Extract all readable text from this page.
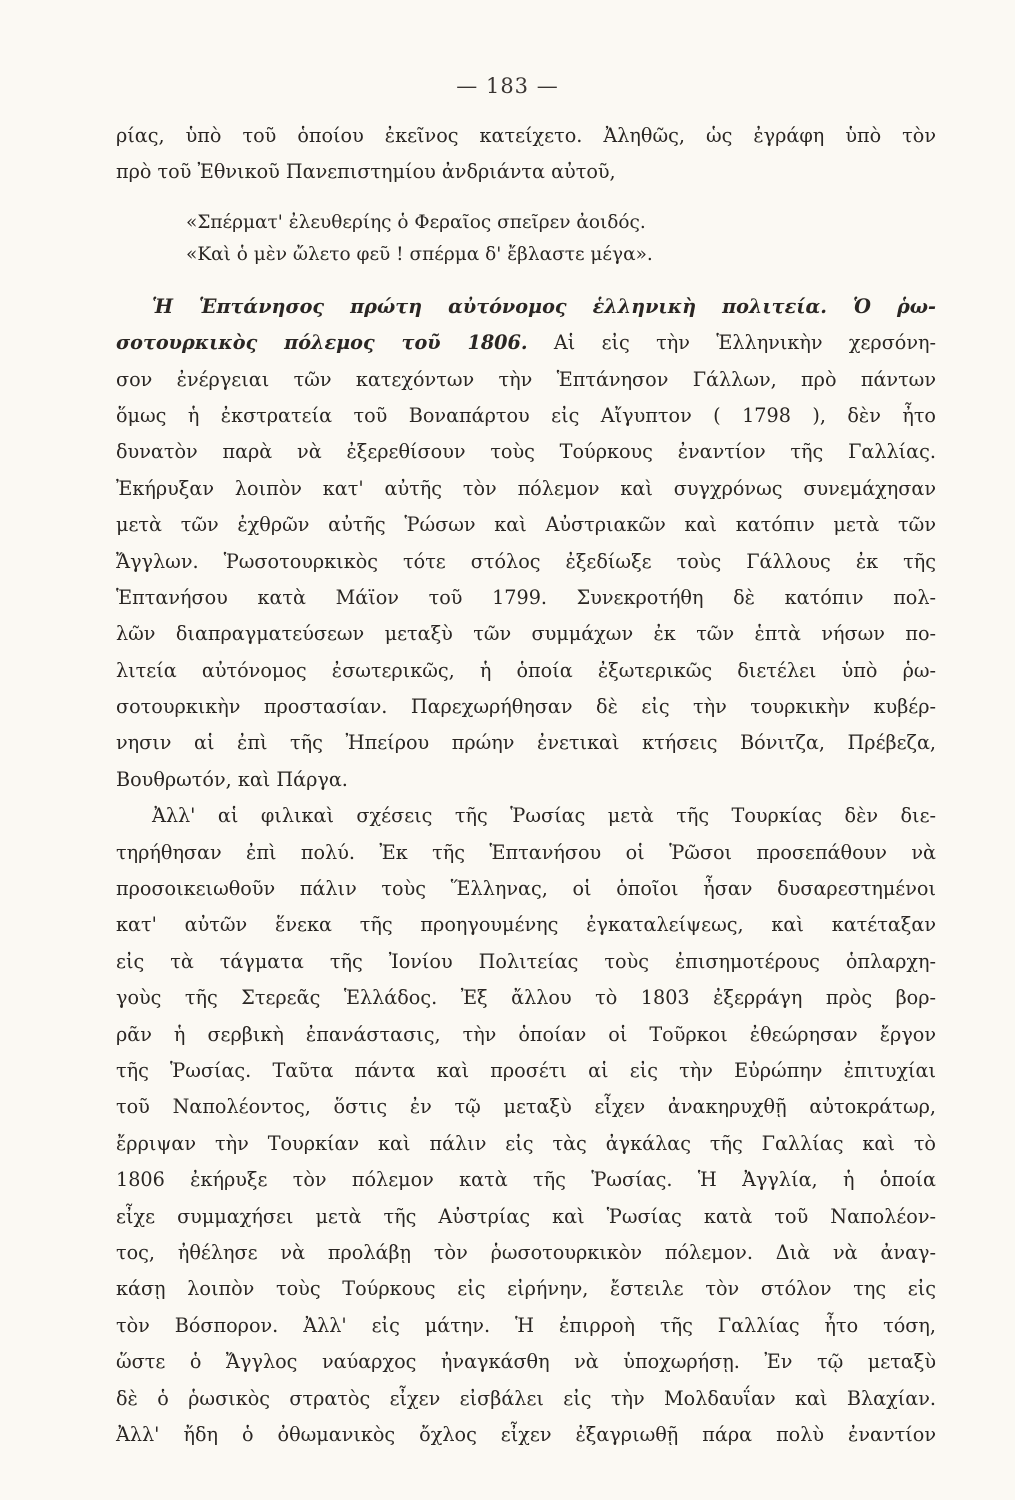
— 183 —
ρίας, ὑπὸ τοῦ ὁποίου ἐκεῖνος κατείχετο. Ἀληθῶς, ὡς ἐγράφη ὑπὸ τὸν
πρὸ τοῦ Ἐθνικοῦ Πανεπιστημίου ἀνδριάντα αὐτοῦ,
«Σπέρματ' ἐλευθερίης ὁ Φεραῖος σπεῖρεν ἀοιδός.
«Καὶ ὁ μὲν ὤλετο φεῦ ! σπέρμα δ' ἔβλαστε μέγα».
Ἡ Ἑπτάνησος πρώτη αὐτόνομος ἑλληνικὴ πολιτεία. Ὁ ῥω-
σοτουρκικὸς πόλεμος τοῦ 1806. Αἱ εἰς τὴν Ἑλληνικὴν χερσόνη-
σον ἐνέργειαι τῶν κατεχόντων τὴν Ἑπτάνησον Γάλλων, πρὸ πάντων
ὅμως ἡ ἐκστρατεία τοῦ Βοναπάρτου εἰς Αἴγυπτον ( 1798 ), δὲν ἦτο
δυνατὸν παρὰ νὰ ἐξερεθίσουν τοὺς Τούρκους ἐναντίον τῆς Γαλλίας.
Ἐκήρυξαν λοιπὸν κατ' αὐτῆς τὸν πόλεμον καὶ συγχρόνως συνεμάχησαν
μετὰ τῶν ἐχθρῶν αὐτῆς Ῥώσων καὶ Αὐστριακῶν καὶ κατόπιν μετὰ τῶν
Ἄγγλων. Ῥωσοτουρκικὸς τότε στόλος ἐξεδίωξε τοὺς Γάλλους ἐκ τῆς
Ἑπτανήσου κατὰ Μάϊον τοῦ 1799. Συνεκροτήθη δὲ κατόπιν πολ-
λῶν διαπραγματεύσεων μεταξὺ τῶν συμμάχων ἐκ τῶν ἑπτὰ νήσων πο-
λιτεία αὐτόνομος ἐσωτερικῶς, ἡ ὁποία ἐξωτερικῶς διετέλει ὑπὸ ῥω-
σοτουρκικὴν προστασίαν. Παρεχωρήθησαν δὲ εἰς τὴν τουρκικὴν κυβέρ-
νησιν αἱ ἐπὶ τῆς Ἠπείρου πρώην ἐνετικαὶ κτήσεις Βόνιτζα, Πρέβεζα,
Βουθρωτόν, καὶ Πάργα.
Ἀλλ' αἱ φιλικαὶ σχέσεις τῆς Ῥωσίας μετὰ τῆς Τουρκίας δὲν διε-
τηρήθησαν ἐπὶ πολύ. Ἐκ τῆς Ἑπτανήσου οἱ Ῥῶσοι προσεπάθουν νὰ
προσοικειωθοῦν πάλιν τοὺς Ἕλληνας, οἱ ὁποῖοι ἦσαν δυσαρεστημένοι
κατ' αὐτῶν ἕνεκα τῆς προηγουμένης ἐγκαταλείψεως, καὶ κατέταξαν
εἰς τὰ τάγματα τῆς Ἰονίου Πολιτείας τοὺς ἐπισημοτέρους ὁπλαρχη-
γοὺς τῆς Στερεᾶς Ἑλλάδος. Ἐξ ἄλλου τὸ 1803 ἐξερράγη πρὸς βορ-
ρᾶν ἡ σερβικὴ ἐπανάστασις, τὴν ὁποίαν οἱ Τοῦρκοι ἐθεώρησαν ἔργον
τῆς Ῥωσίας. Ταῦτα πάντα καὶ προσέτι αἱ εἰς τὴν Εὐρώπην ἐπιτυχίαι
τοῦ Ναπολέοντος, ὅστις ἐν τῷ μεταξὺ εἶχεν ἀνακηρυχθῇ αὐτοκράτωρ,
ἔρριψαν τὴν Τουρκίαν καὶ πάλιν εἰς τὰς ἀγκάλας τῆς Γαλλίας καὶ τὸ
1806 ἐκήρυξε τὸν πόλεμον κατὰ τῆς Ῥωσίας. Ἡ Ἀγγλία, ἡ ὁποία
εἶχε συμμαχήσει μετὰ τῆς Αὐστρίας καὶ Ῥωσίας κατὰ τοῦ Ναπολέον-
τος, ἠθέλησε νὰ προλάβῃ τὸν ῥωσοτουρκικὸν πόλεμον. Διὰ νὰ ἀναγ-
κάσῃ λοιπὸν τοὺς Τούρκους εἰς εἰρήνην, ἔστειλε τὸν στόλον της εἰς
τὸν Βόσπορον. Ἀλλ' εἰς μάτην. Ἡ ἐπιρροὴ τῆς Γαλλίας ἦτο τόση,
ὥστε ὁ Ἄγγλος ναύαρχος ἠναγκάσθη νὰ ὑποχωρήσῃ. Ἐν τῷ μεταξὺ
δὲ ὁ ῥωσικὸς στρατὸς εἶχεν εἰσβάλει εἰς τὴν Μολδαυΐαν καὶ Βλαχίαν.
Ἀλλ' ἤδη ὁ ὀθωμανικὸς ὄχλος εἶχεν ἐξαγριωθῇ πάρα πολὺ ἐναντίον
